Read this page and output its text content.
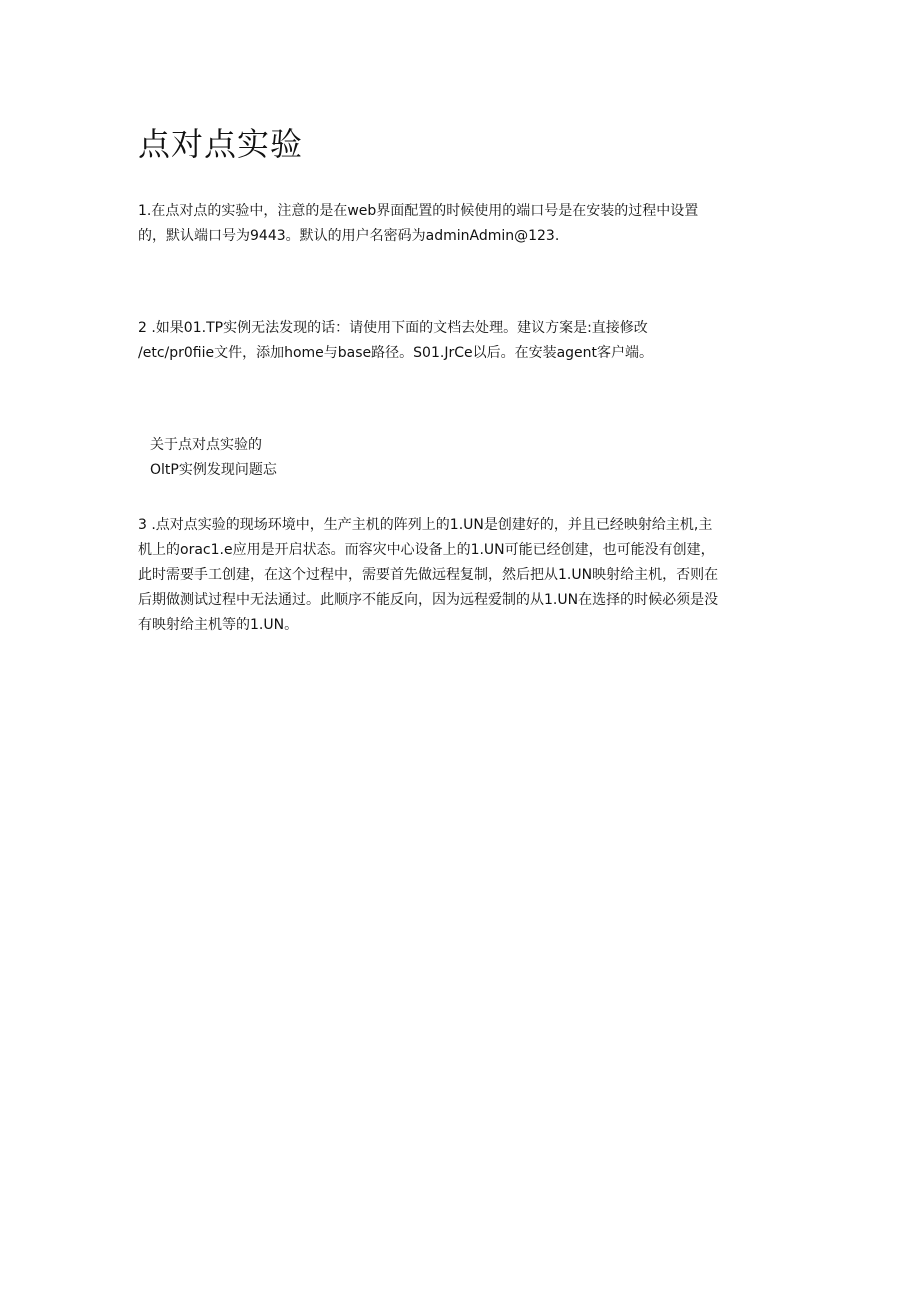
点对点实验
1.在点对点的实验中，注意的是在web界面配置的时候使用的端口号是在安装的过程中设置
的，默认端口号为9443。默认的用户名密码为adminAdmin@123.
2 .如果01.TP实例无法发现的话：请使用下面的文档去处理。建议方案是:直接修改
/etc/pr0fiie文件，添加home与base路径。S01.JrCe以后。在安装agent客户端。
关于点对点实验的
OltP实例发现问题忘
3 .点对点实验的现场环境中，生产主机的阵列上的1.UN是创建好的，并且已经映射给主机,主
机上的orac1.e应用是开启状态。而容灾中心设备上的1.UN可能已经创建，也可能没有创建，
此时需要手工创建，在这个过程中，需要首先做远程复制，然后把从1.UN映射给主机，否则在
后期做测试过程中无法通过。此顺序不能反向，因为远程爱制的从1.UN在选择的时候必须是没
有映射给主机等的1.UN。
